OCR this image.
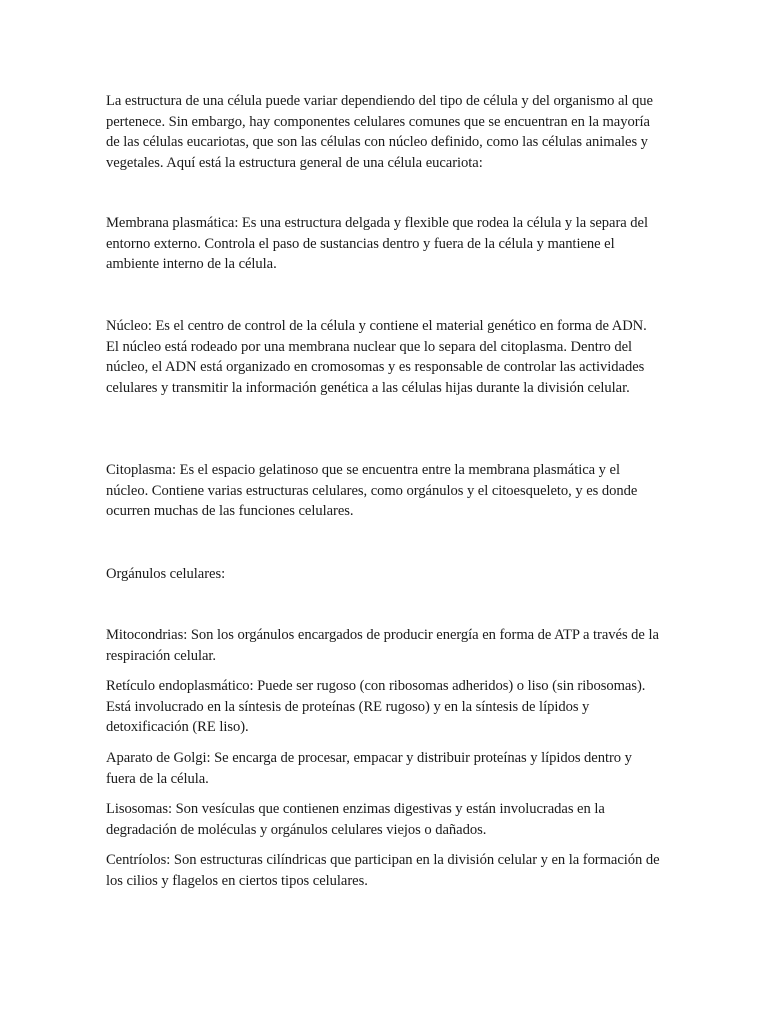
La estructura de una célula puede variar dependiendo del tipo de célula y del organismo al que pertenece. Sin embargo, hay componentes celulares comunes que se encuentran en la mayoría de las células eucariotas, que son las células con núcleo definido, como las células animales y vegetales. Aquí está la estructura general de una célula eucariota:

Membrana plasmática: Es una estructura delgada y flexible que rodea la célula y la separa del entorno externo. Controla el paso de sustancias dentro y fuera de la célula y mantiene el ambiente interno de la célula.

Núcleo: Es el centro de control de la célula y contiene el material genético en forma de ADN. El núcleo está rodeado por una membrana nuclear que lo separa del citoplasma. Dentro del núcleo, el ADN está organizado en cromosomas y es responsable de controlar las actividades celulares y transmitir la información genética a las células hijas durante la división celular.

Citoplasma: Es el espacio gelatinoso que se encuentra entre la membrana plasmática y el núcleo. Contiene varias estructuras celulares, como orgánulos y el citoesqueleto, y es donde ocurren muchas de las funciones celulares.

Orgánulos celulares:

Mitocondrias: Son los orgánulos encargados de producir energía en forma de ATP a través de la respiración celular.

Retículo endoplasmático: Puede ser rugoso (con ribosomas adheridos) o liso (sin ribosomas). Está involucrado en la síntesis de proteínas (RE rugoso) y en la síntesis de lípidos y detoxificación (RE liso).

Aparato de Golgi: Se encarga de procesar, empacar y distribuir proteínas y lípidos dentro y fuera de la célula.

Lisosomas: Son vesículas que contienen enzimas digestivas y están involucradas en la degradación de moléculas y orgánulos celulares viejos o dañados.

Centríolos: Son estructuras cilíndricas que participan en la división celular y en la formación de los cilios y flagelos en ciertos tipos celulares.
